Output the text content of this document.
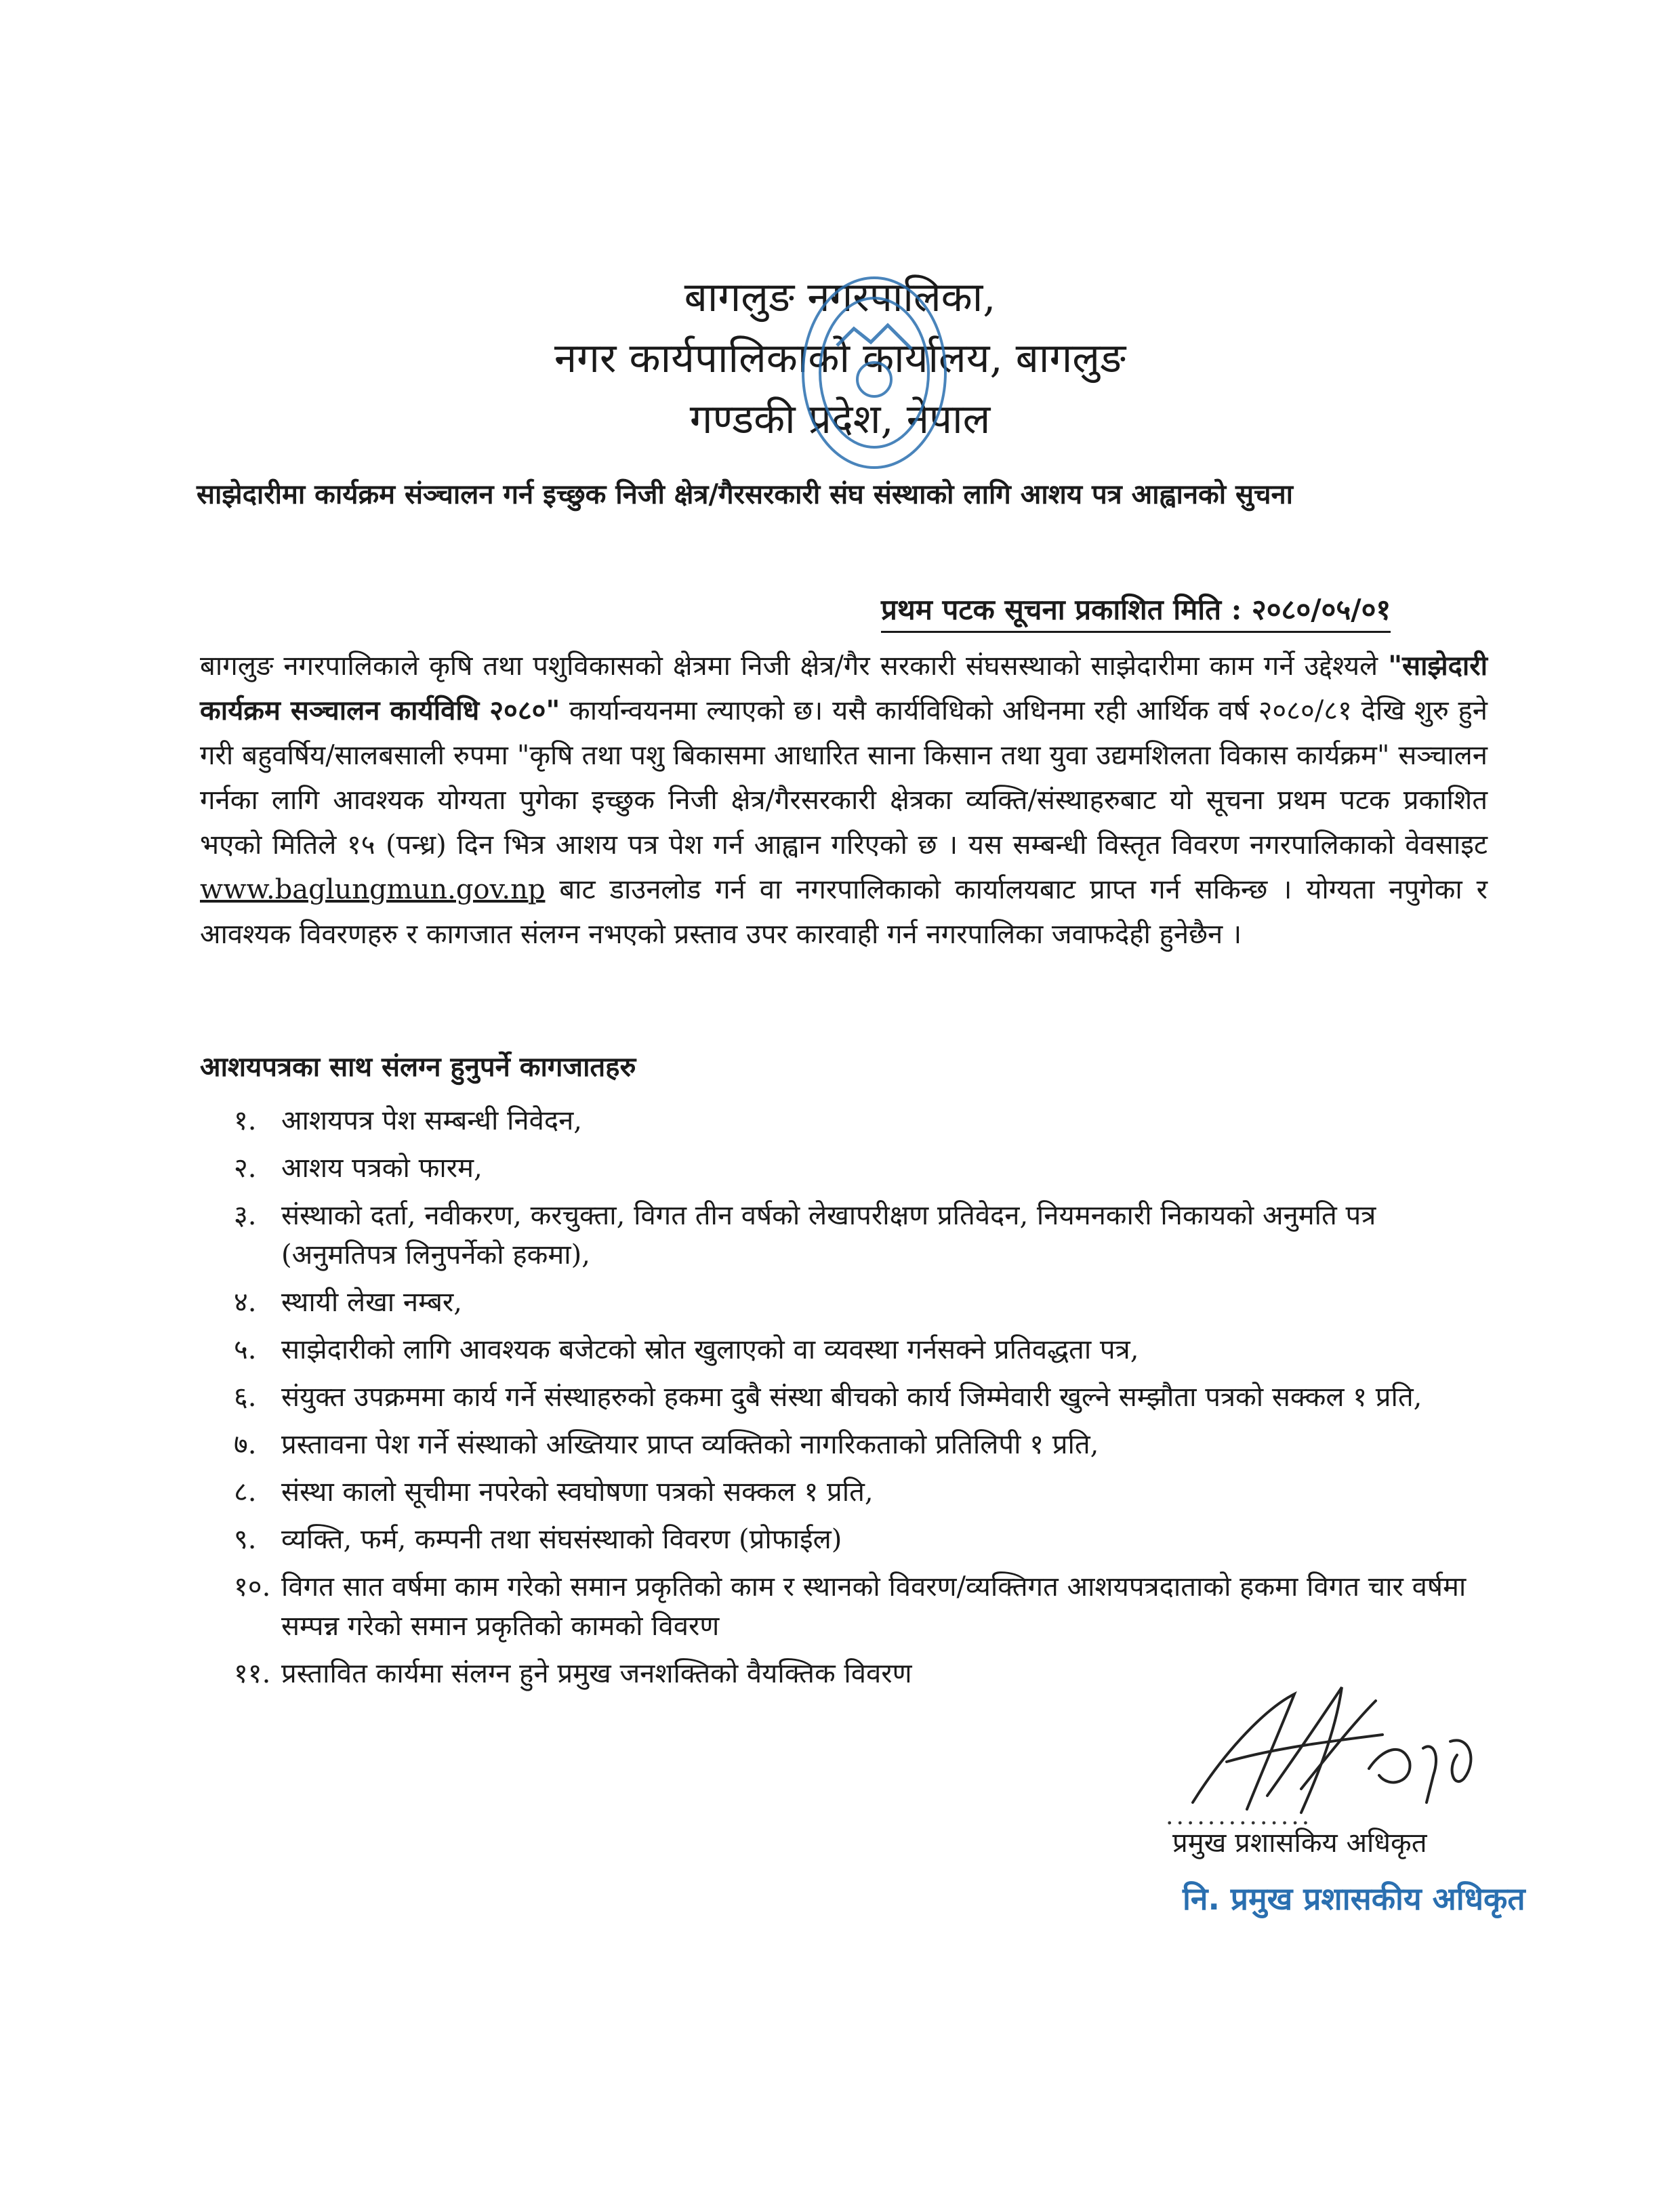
बागलुङ नगरपालिका,
नगर कार्यपालिकाको कार्यालय, बागलुङ
गण्डकी प्रदेश, नेपाल
साझेदारीमा कार्यक्रम संञ्चालन गर्न इच्छुक निजी क्षेत्र/गैरसरकारी संघ संस्थाको लागि आशय पत्र आह्वानको सुचना
प्रथम पटक सूचना प्रकाशित मिति : २०८०/०५/०१

बागलुङ नगरपालिकाले कृषि तथा पशुविकासको क्षेत्रमा निजी क्षेत्र/गैर सरकारी संघसस्थाको साझेदारीमा काम गर्ने उद्देश्यले "साझेदारी कार्यक्रम सञ्चालन कार्यविधि २०८०" कार्यान्वयनमा ल्याएको छ। यसै कार्यविधिको अधिनमा रही आर्थिक वर्ष २०८०/८१ देखि शुरु हुने गरी बहुवर्षिय/सालबसाली रुपमा "कृषि तथा पशु बिकासमा आधारित साना किसान तथा युवा उद्यमशिलता विकास कार्यक्रम" सञ्चालन गर्नका लागि आवश्यक योग्यता पुगेका इच्छुक निजी क्षेत्र/गैरसरकारी क्षेत्रका व्यक्ति/संस्थाहरुबाट यो सूचना प्रथम पटक प्रकाशित भएको मितिले १५ (पन्ध्र) दिन भित्र आशय पत्र पेश गर्न आह्वान गरिएको छ । यस सम्बन्धी विस्तृत विवरण नगरपालिकाको वेवसाइट www.baglungmun.gov.np बाट डाउनलोड गर्न वा नगरपालिकाको कार्यालयबाट प्राप्त गर्न सकिन्छ । योग्यता नपुगेका र आवश्यक विवरणहरु र कागजात संलग्न नभएको प्रस्ताव उपर कारवाही गर्न नगरपालिका जवाफदेही हुनेछैन ।

आशयपत्रका साथ संलग्न हुनुपर्ने कागजातहरु
१. आशयपत्र पेश सम्बन्धी निवेदन,
२. आशय पत्रको फारम,
३. संस्थाको दर्ता, नवीकरण, करचुक्ता, विगत तीन वर्षको लेखापरीक्षण प्रतिवेदन, नियमनकारी निकायको अनुमति पत्र (अनुमतिपत्र लिनुपर्नेको हकमा),
४. स्थायी लेखा नम्बर,
५. साझेदारीको लागि आवश्यक बजेटको स्रोत खुलाएको वा व्यवस्था गर्नसक्ने प्रतिवद्धता पत्र,
६. संयुक्त उपक्रममा कार्य गर्ने संस्थाहरुको हकमा दुबै संस्था बीचको कार्य जिम्मेवारी खुल्ने सम्झौता पत्रको सक्कल १ प्रति,
७. प्रस्तावना पेश गर्ने संस्थाको अख्तियार प्राप्त व्यक्तिको नागरिकताको प्रतिलिपी १ प्रति,
८. संस्था कालो सूचीमा नपरेको स्वघोषणा पत्रको सक्कल १ प्रति,
९. व्यक्ति, फर्म, कम्पनी तथा संघसंस्थाको विवरण (प्रोफाईल)
१०. विगत सात वर्षमा काम गरेको समान प्रकृतिको काम र स्थानको विवरण/व्यक्तिगत आशयपत्रदाताको हकमा विगत चार वर्षमा सम्पन्न गरेको समान प्रकृतिको कामको विवरण
११. प्रस्तावित कार्यमा संलग्न हुने प्रमुख जनशक्तिको वैयक्तिक विवरण
..............
प्रमुख प्रशासकिय अधिकृत
नि. प्रमुख प्रशासकीय अधिकृत
